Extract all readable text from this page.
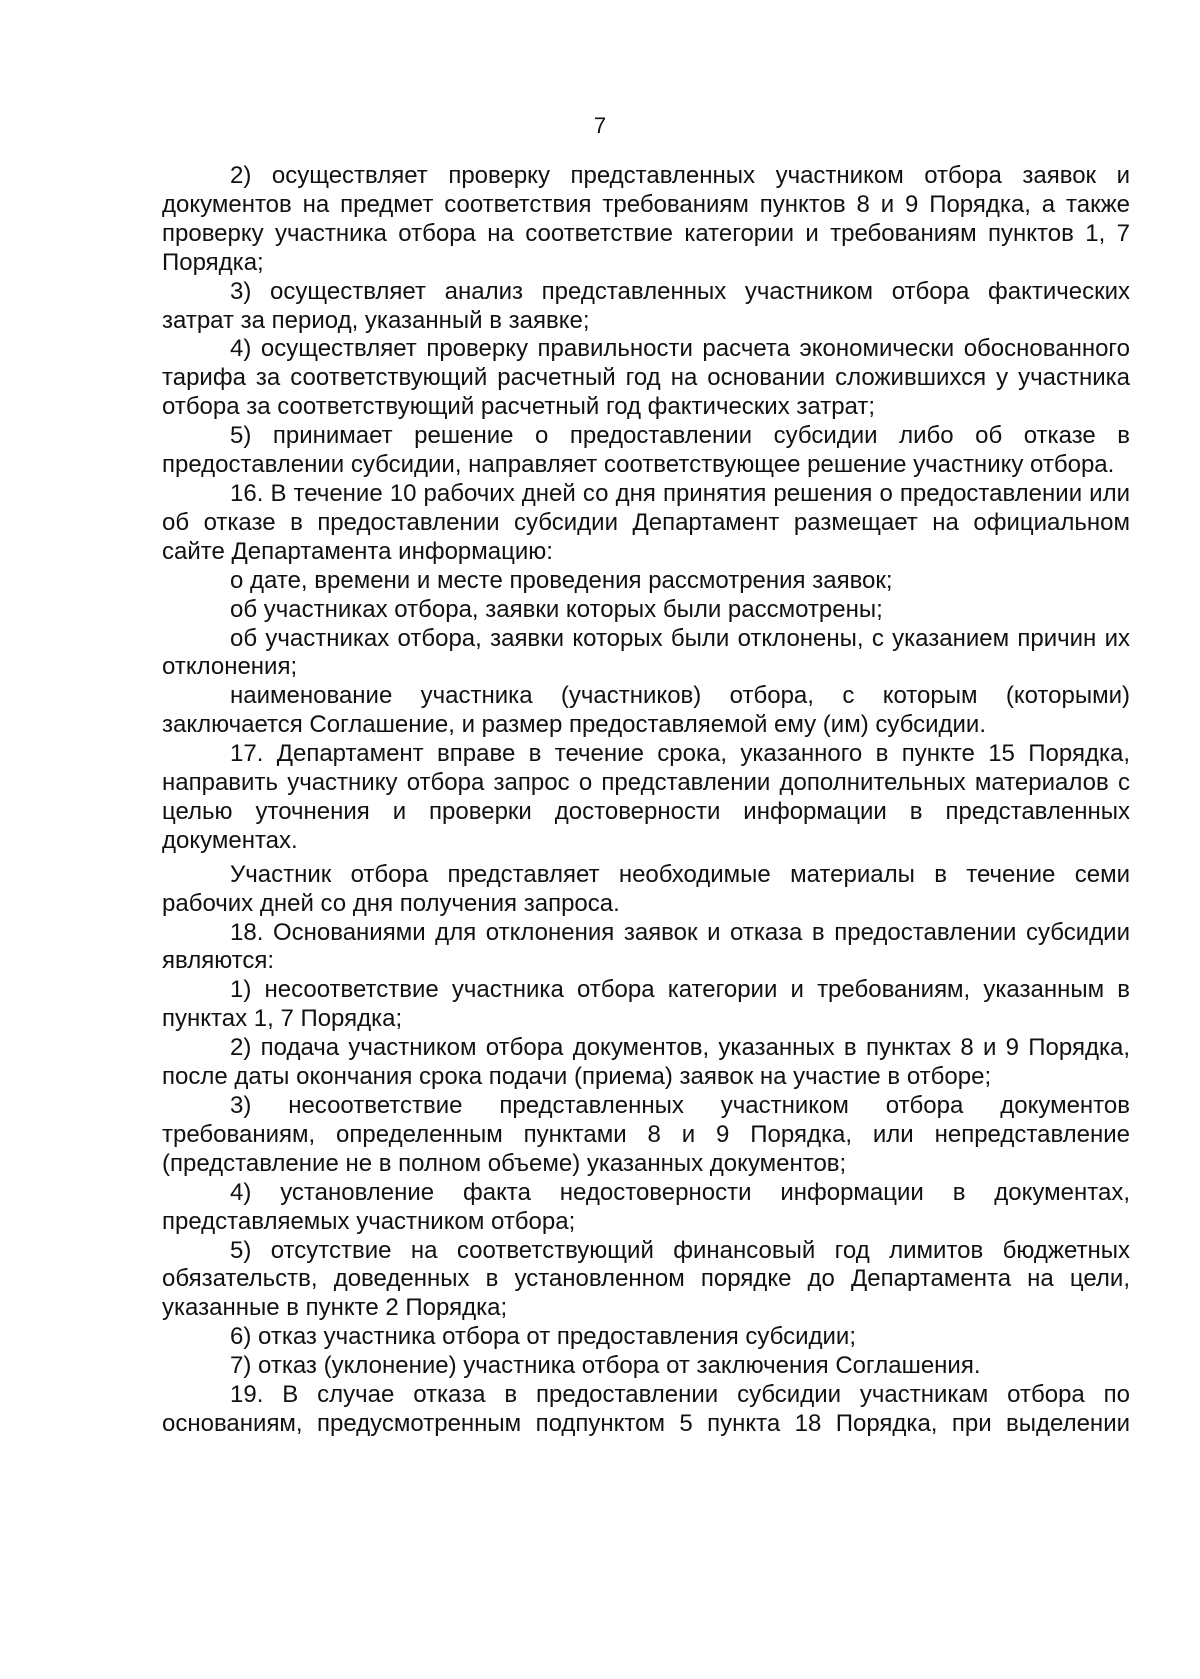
7

2) осуществляет проверку представленных участником отбора заявок и документов на предмет соответствия требованиям пунктов 8 и 9 Порядка, а также проверку участника отбора на соответствие категории и требованиям пунктов 1, 7 Порядка;

3) осуществляет анализ представленных участником отбора фактических затрат за период, указанный в заявке;

4) осуществляет проверку правильности расчета экономически обоснованного тарифа за соответствующий расчетный год на основании сложившихся у участника отбора за соответствующий расчетный год фактических затрат;

5) принимает решение о предоставлении субсидии либо об отказе в предоставлении субсидии, направляет соответствующее решение участнику отбора.

16. В течение 10 рабочих дней со дня принятия решения о предоставлении или об отказе в предоставлении субсидии Департамент размещает на официальном сайте Департамента информацию:

о дате, времени и месте проведения рассмотрения заявок;

об участниках отбора, заявки которых были рассмотрены;

об участниках отбора, заявки которых были отклонены, с указанием причин их отклонения;

наименование участника (участников) отбора, с которым (которыми) заключается Соглашение, и размер предоставляемой ему (им) субсидии.

17. Департамент вправе в течение срока, указанного в пункте 15 Порядка, направить участнику отбора запрос о представлении дополнительных материалов с целью уточнения и проверки достоверности информации в представленных документах.

Участник отбора представляет необходимые материалы в течение семи рабочих дней со дня получения запроса.

18. Основаниями для отклонения заявок и отказа в предоставлении субсидии являются:

1) несоответствие участника отбора категории и требованиям, указанным в пунктах 1, 7 Порядка;

2) подача участником отбора документов, указанных в пунктах 8 и 9 Порядка, после даты окончания срока подачи (приема) заявок на участие в отборе;

3) несоответствие представленных участником отбора документов требованиям, определенным пунктами 8 и 9 Порядка, или непредставление (представление не в полном объеме) указанных документов;

4) установление факта недостоверности информации в документах, представляемых участником отбора;

5) отсутствие на соответствующий финансовый год лимитов бюджетных обязательств, доведенных в установленном порядке до Департамента на цели, указанные в пункте 2 Порядка;

6) отказ участника отбора от предоставления субсидии;

7) отказ (уклонение) участника отбора от заключения Соглашения.

19. В случае отказа в предоставлении субсидии участникам отбора по основаниям, предусмотренным подпунктом 5 пункта 18 Порядка, при выделении
